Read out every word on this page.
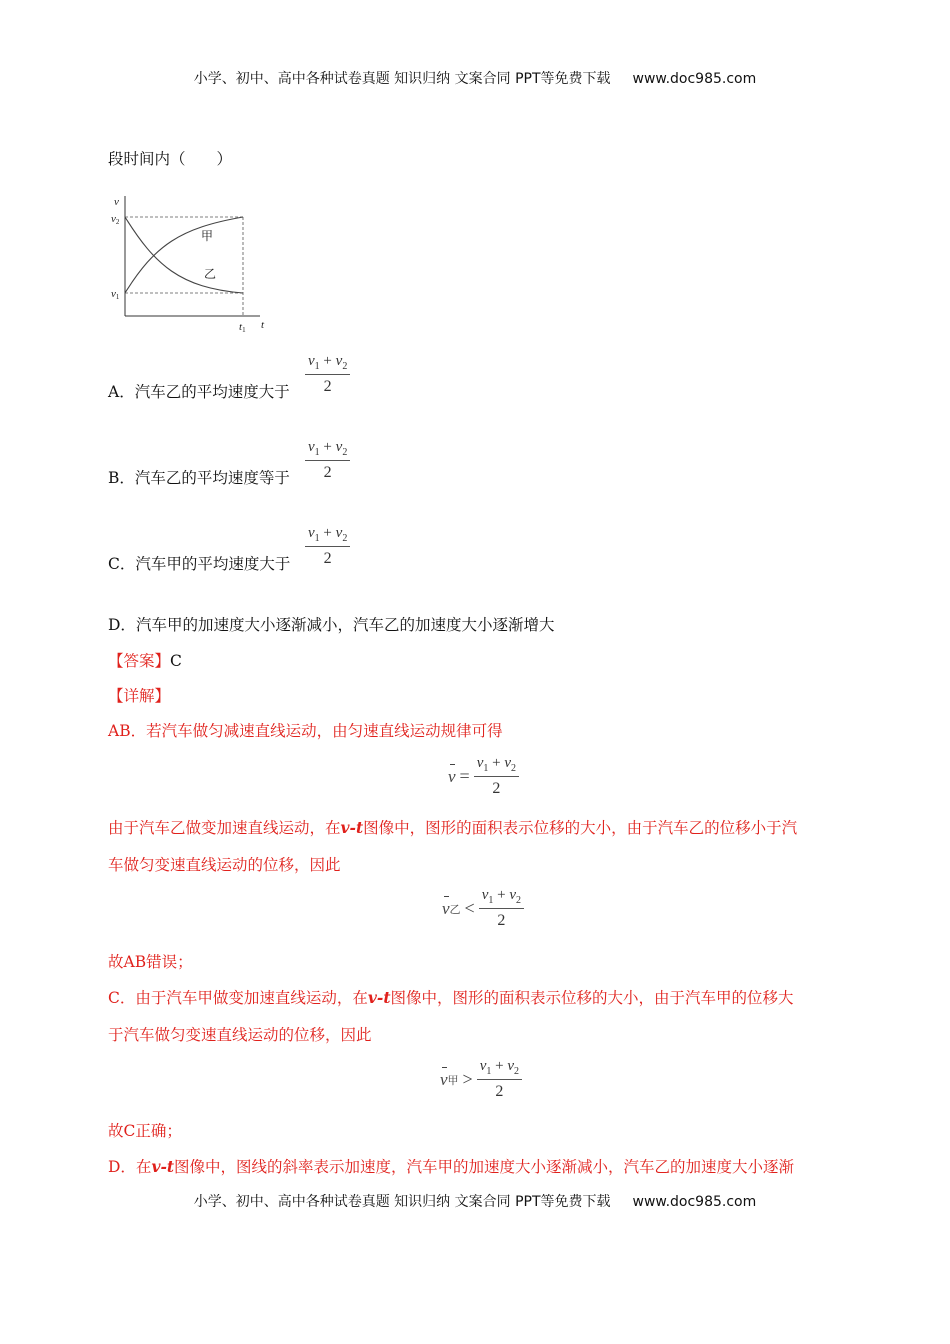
小学、初中、高中各种试卷真题 知识归纳 文案合同 PPT等免费下载 www.doc985.com
段时间内（　　）
v
t
v2
v1
t1
甲
乙
A．汽车乙的平均速度大于 $\frac{v_1 + v_2}{2}$
B．汽车乙的平均速度等于 $\frac{v_1 + v_2}{2}$
C．汽车甲的平均速度大于 $\frac{v_1 + v_2}{2}$
D．汽车甲的加速度大小逐渐减小，汽车乙的加速度大小逐渐增大
【答案】C
【详解】
AB．若汽车做匀减速直线运动，由匀速直线运动规律可得
$v = \frac{v_1 + v_2}{2}$
由于汽车乙做变加速直线运动，在v-t图像中，图形的面积表示位移的大小，由于汽车乙的位移小于汽
车做匀变速直线运动的位移，因此
v 乙 < $\frac{v_1 + v_2}{2}$
故AB错误；
C．由于汽车甲做变加速直线运动，在v-t图像中，图形的面积表示位移的大小，由于汽车甲的位移大
于汽车做匀变速直线运动的位移，因此
v 甲 > $\frac{v_1 + v_2}{2}$
故C正确；
D．在v-t图像中，图线的斜率表示加速度，汽车甲的加速度大小逐渐减小，汽车乙的加速度大小逐渐
小学、初中、高中各种试卷真题 知识归纳 文案合同 PPT等免费下载 www.doc985.com
